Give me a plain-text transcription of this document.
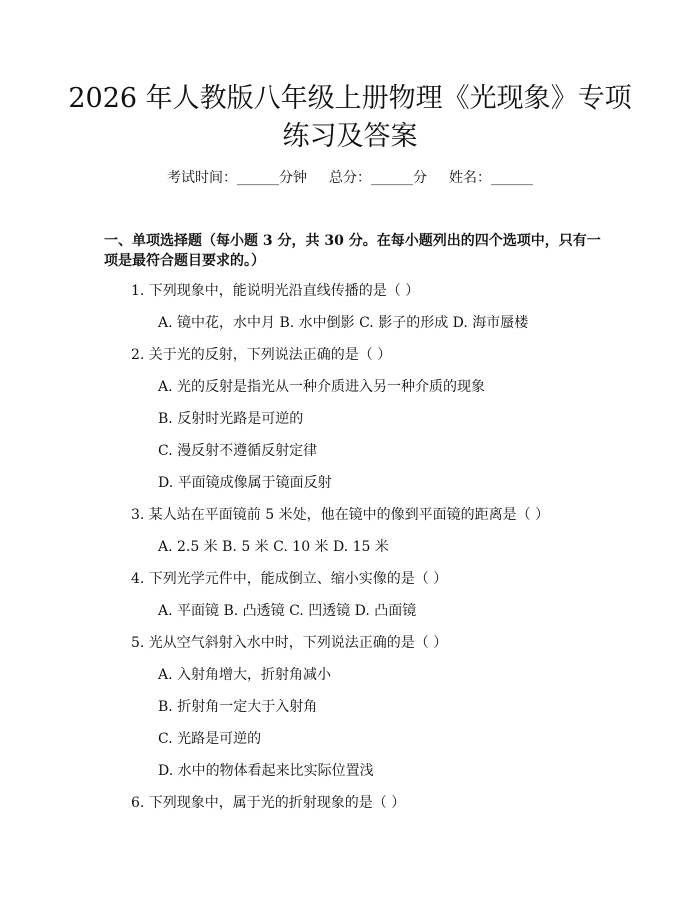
2026 年人教版八年级上册物理《光现象》专项练习及答案
考试时间：______分钟 总分：______分 姓名：______

一、单项选择题（每小题 3 分，共 30 分。在每小题列出的四个选项中，只有一项是最符合题目要求的。）

1. 下列现象中，能说明光沿直线传播的是（ ）

A. 镜中花，水中月 B. 水中倒影 C. 影子的形成 D. 海市蜃楼

2. 关于光的反射，下列说法正确的是（ ）

A. 光的反射是指光从一种介质进入另一种介质的现象

B. 反射时光路是可逆的

C. 漫反射不遵循反射定律

D. 平面镜成像属于镜面反射

3. 某人站在平面镜前 5 米处，他在镜中的像到平面镜的距离是（ ）

A. 2.5 米 B. 5 米 C. 10 米 D. 15 米

4. 下列光学元件中，能成倒立、缩小实像的是（ ）

A. 平面镜 B. 凸透镜 C. 凹透镜 D. 凸面镜

5. 光从空气斜射入水中时，下列说法正确的是（ ）

A. 入射角增大，折射角减小

B. 折射角一定大于入射角

C. 光路是可逆的

D. 水中的物体看起来比实际位置浅

6. 下列现象中，属于光的折射现象的是（ ）
